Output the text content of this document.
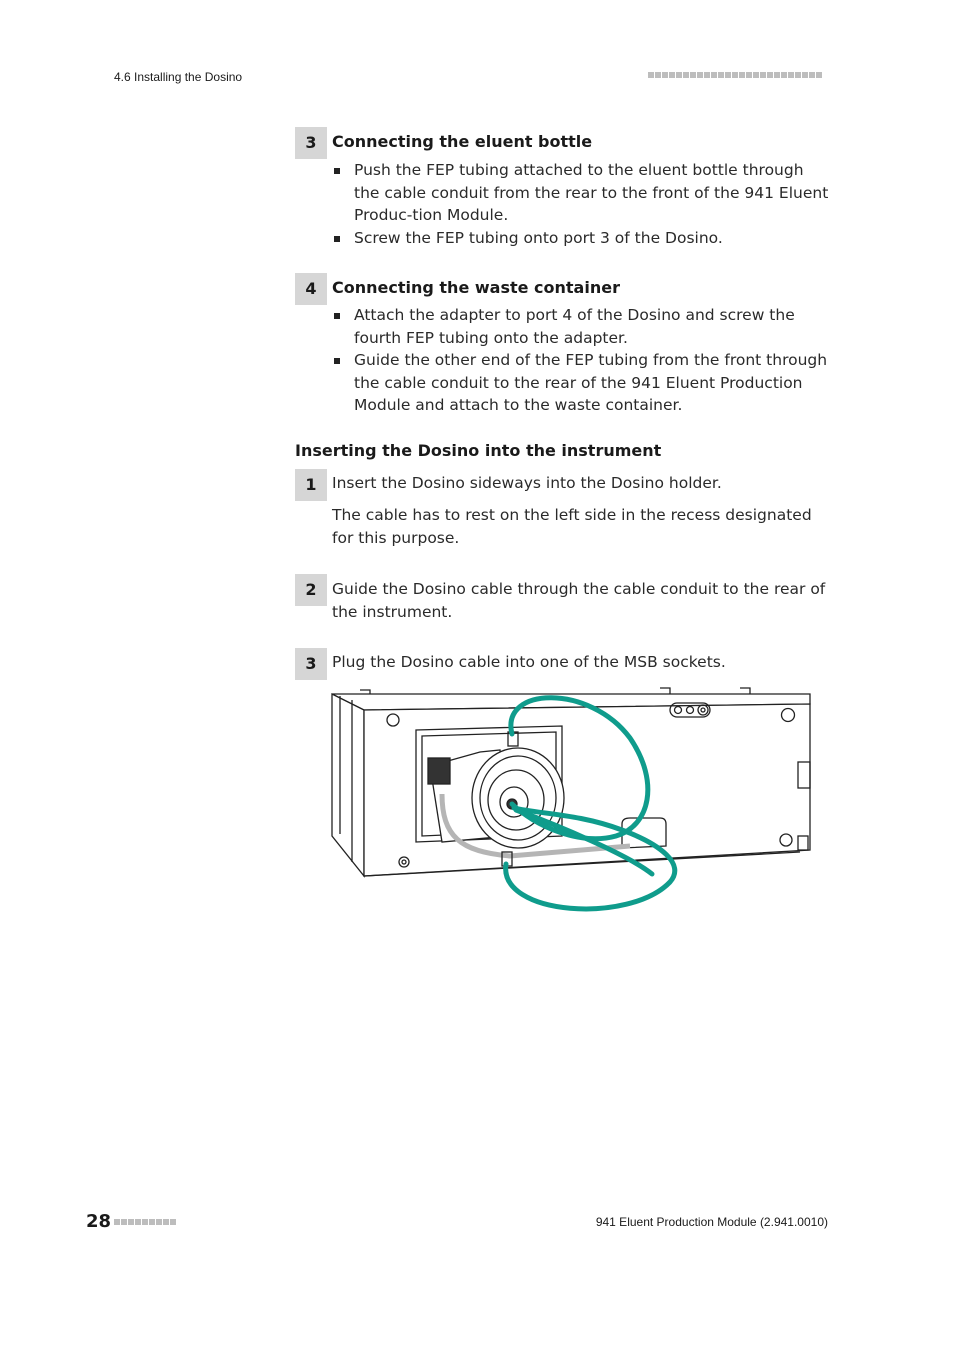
4.6 Installing the Dosino
3 Connecting the eluent bottle
Push the FEP tubing attached to the eluent bottle through the cable conduit from the rear to the front of the 941 Eluent Produc-tion Module.
Screw the FEP tubing onto port 3 of the Dosino.
4 Connecting the waste container
Attach the adapter to port 4 of the Dosino and screw the fourth FEP tubing onto the adapter.
Guide the other end of the FEP tubing from the front through the cable conduit to the rear of the 941 Eluent Production Module and attach to the waste container.
Inserting the Dosino into the instrument
1 Insert the Dosino sideways into the Dosino holder.
The cable has to rest on the left side in the recess designated for this purpose.
2 Guide the Dosino cable through the cable conduit to the rear of the instrument.
3 Plug the Dosino cable into one of the MSB sockets.
28	941 Eluent Production Module (2.941.0010)
